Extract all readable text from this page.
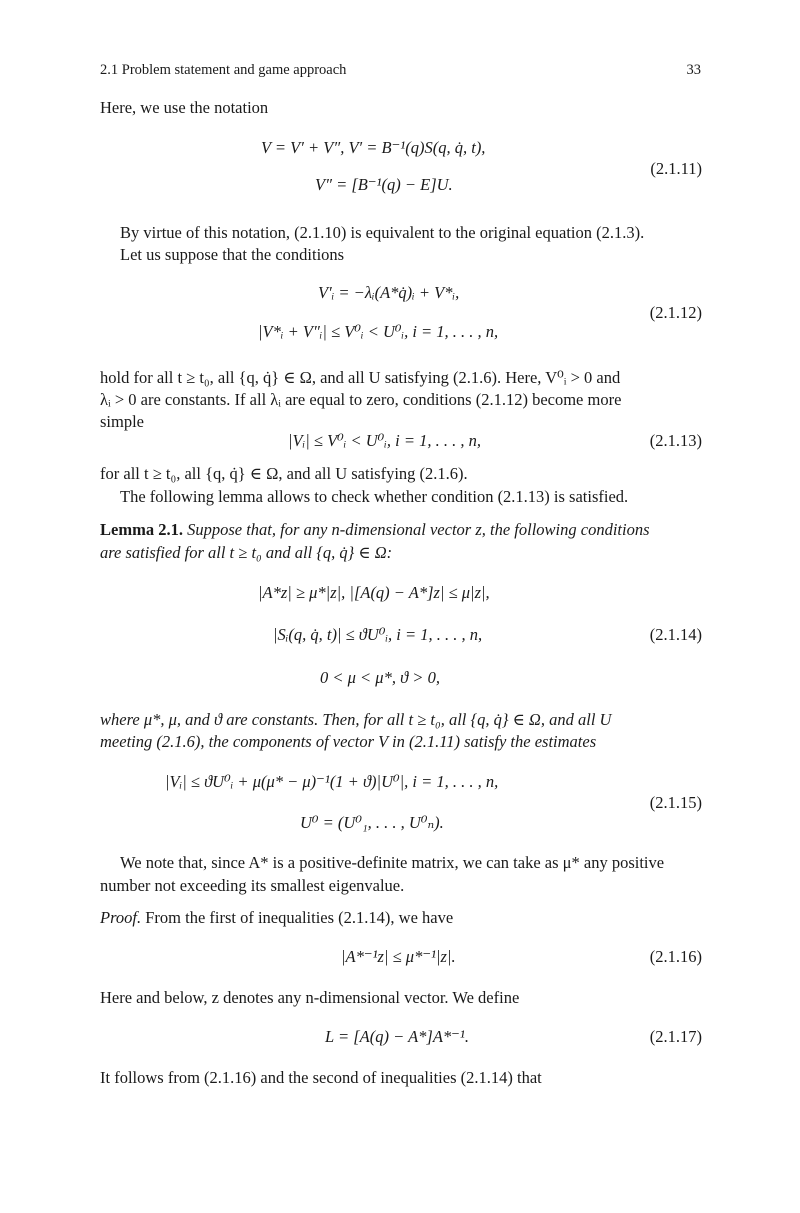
2.1 Problem statement and game approach	33
Here, we use the notation
V = V′ + V″, V′ = B⁻¹(q)S(q, q̇, t),
V″ = [B⁻¹(q) − E]U.
(2.1.11)
By virtue of this notation, (2.1.10) is equivalent to the original equation (2.1.3).
Let us suppose that the conditions
V′ᵢ = −λᵢ(A*q̇)ᵢ + V*ᵢ,
|V*ᵢ + V″ᵢ| ≤ V⁰ᵢ < U⁰ᵢ, i = 1, . . . , n,
(2.1.12)
hold for all t ≥ t₀, all {q, q̇} ∈ Ω, and all U satisfying (2.1.6). Here, V⁰ᵢ > 0 and
λᵢ > 0 are constants. If all λᵢ are equal to zero, conditions (2.1.12) become more
simple
|Vᵢ| ≤ V⁰ᵢ < U⁰ᵢ, i = 1, . . . , n,	(2.1.13)
for all t ≥ t₀, all {q, q̇} ∈ Ω, and all U satisfying (2.1.6).
The following lemma allows to check whether condition (2.1.13) is satisfied.
Lemma 2.1. Suppose that, for any n-dimensional vector z, the following conditions
are satisfied for all t ≥ t₀ and all {q, q̇} ∈ Ω:
|A*z| ≥ μ*|z|, |[A(q) − A*]z| ≤ μ|z|,
|Sᵢ(q, q̇, t)| ≤ ϑU⁰ᵢ, i = 1, . . . , n,
0 < μ < μ*, ϑ > 0,
(2.1.14)
where μ*, μ, and ϑ are constants. Then, for all t ≥ t₀, all {q, q̇} ∈ Ω, and all U
meeting (2.1.6), the components of vector V in (2.1.11) satisfy the estimates
|Vᵢ| ≤ ϑU⁰ᵢ + μ(μ* − μ)⁻¹(1 + ϑ)|U⁰|, i = 1, . . . , n,
U⁰ = (U⁰₁, . . . , U⁰ₙ).
(2.1.15)
We note that, since A* is a positive-definite matrix, we can take as μ* any positive
number not exceeding its smallest eigenvalue.
Proof. From the first of inequalities (2.1.14), we have
|A*⁻¹z| ≤ μ*⁻¹|z|.	(2.1.16)
Here and below, z denotes any n-dimensional vector. We define
L = [A(q) − A*]A*⁻¹.	(2.1.17)
It follows from (2.1.16) and the second of inequalities (2.1.14) that
